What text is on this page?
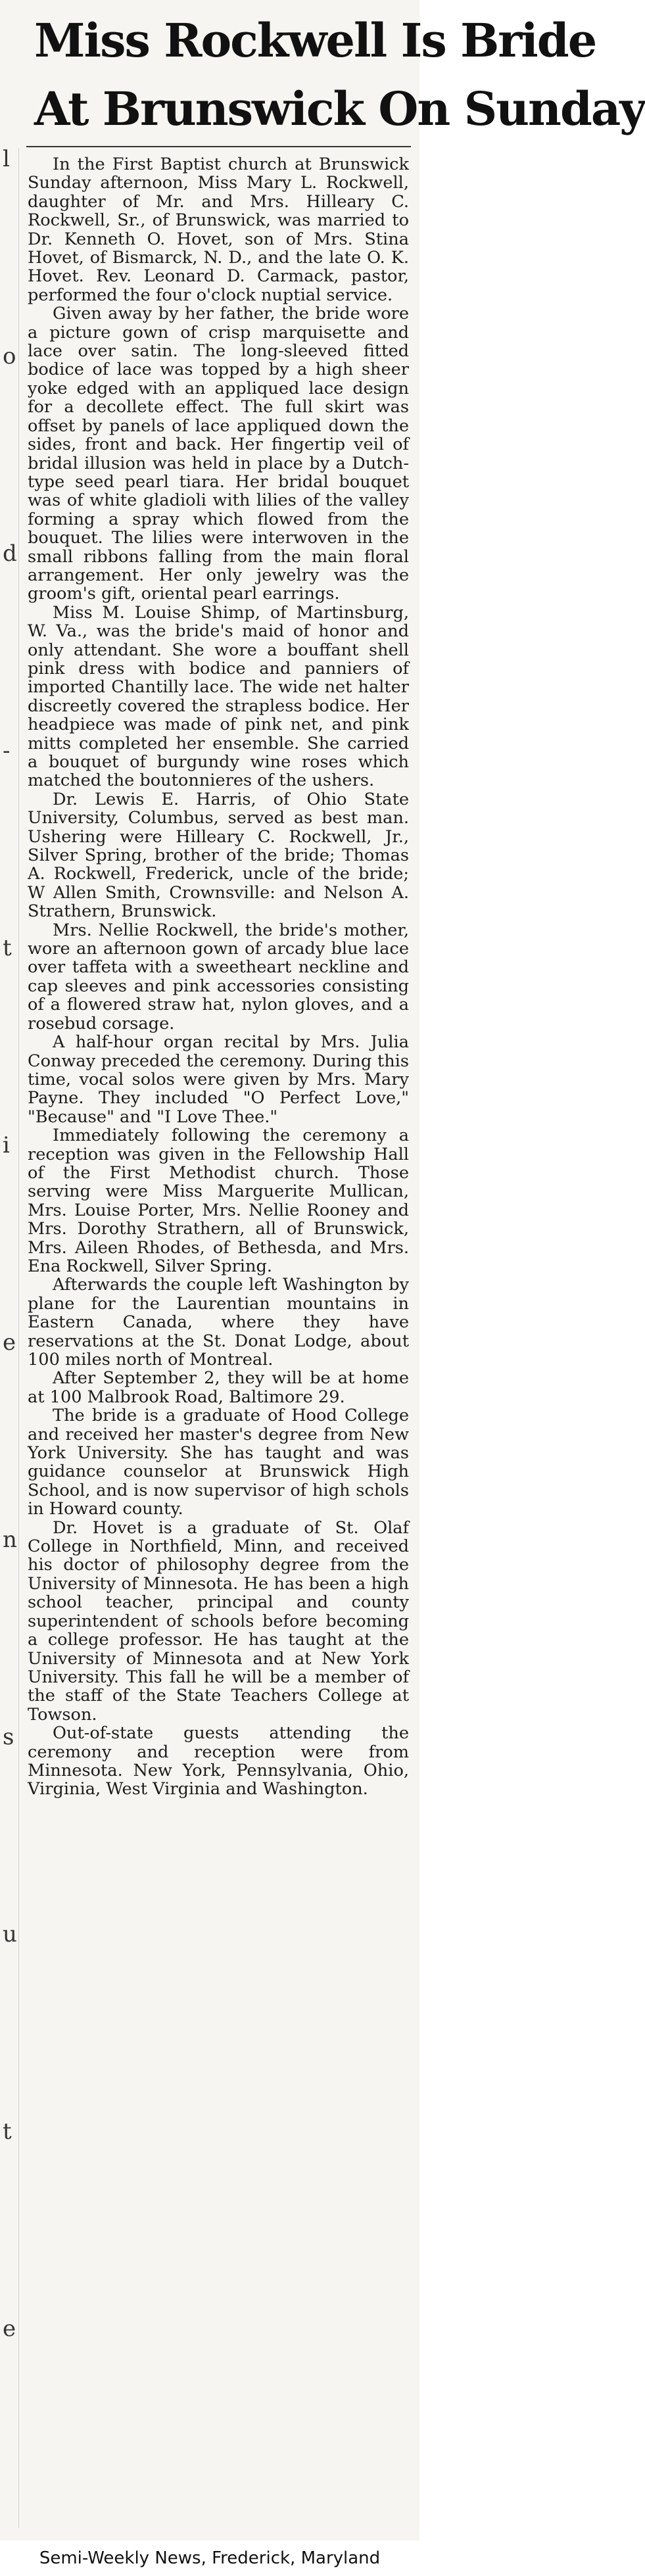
l
o
d
-
t
i
e
n
s
u
t
e
Miss Rockwell Is Bride
At Brunswick On Sunday

In the First Baptist church at Brunswick Sunday afternoon, Miss Mary L. Rockwell, daughter of Mr. and Mrs. Hilleary C. Rockwell, Sr., of Brunswick, was married to Dr. Kenneth O. Hovet, son of Mrs. Stina Hovet, of Bismarck, N. D., and the late O. K. Hovet. Rev. Leonard D. Carmack, pastor, performed the four o'clock nuptial service.

Given away by her father, the bride wore a picture gown of crisp marquisette and lace over satin. The long-sleeved fitted bodice of lace was topped by a high sheer yoke edged with an appliqued lace design for a decollete effect. The full skirt was offset by panels of lace appliqued down the sides, front and back. Her fingertip veil of bridal illusion was held in place by a Dutch-type seed pearl tiara. Her bridal bouquet was of white gladioli with lilies of the valley forming a spray which flowed from the bouquet. The lilies were interwoven in the small ribbons falling from the main floral arrangement. Her only jewelry was the groom's gift, oriental pearl earrings.

Miss M. Louise Shimp, of Martinsburg, W. Va., was the bride's maid of honor and only attendant. She wore a bouffant shell pink dress with bodice and panniers of imported Chantilly lace. The wide net halter discreetly covered the strapless bodice. Her headpiece was made of pink net, and pink mitts completed her ensemble. She carried a bouquet of burgundy wine roses which matched the boutonnieres of the ushers.

Dr. Lewis E. Harris, of Ohio State University, Columbus, served as best man. Ushering were Hilleary C. Rockwell, Jr., Silver Spring, brother of the bride; Thomas A. Rockwell, Frederick, uncle of the bride; W Allen Smith, Crownsville: and Nelson A. Strathern, Brunswick.

Mrs. Nellie Rockwell, the bride's mother, wore an afternoon gown of arcady blue lace over taffeta with a sweetheart neckline and cap sleeves and pink accessories consisting of a flowered straw hat, nylon gloves, and a rosebud corsage.

A half-hour organ recital by Mrs. Julia Conway preceded the ceremony. During this time, vocal solos were given by Mrs. Mary Payne. They included "O Perfect Love," "Because" and "I Love Thee."

Immediately following the ceremony a reception was given in the Fellowship Hall of the First Methodist church. Those serving were Miss Marguerite Mullican, Mrs. Louise Porter, Mrs. Nellie Rooney and Mrs. Dorothy Strathern, all of Brunswick, Mrs. Aileen Rhodes, of Bethesda, and Mrs. Ena Rockwell, Silver Spring.

Afterwards the couple left Washington by plane for the Laurentian mountains in Eastern Canada, where they have reservations at the St. Donat Lodge, about 100 miles north of Montreal.

After September 2, they will be at home at 100 Malbrook Road, Baltimore 29.

The bride is a graduate of Hood College and received her master's degree from New York University. She has taught and was guidance counselor at Brunswick High School, and is now supervisor of high schols in Howard county.

Dr. Hovet is a graduate of St. Olaf College in Northfield, Minn, and received his doctor of philosophy degree from the University of Minnesota. He has been a high school teacher, principal and county superintendent of schools before becoming a college professor. He has taught at the University of Minnesota and at New York University. This fall he will be a member of the staff of the State Teachers College at Towson.

Out-of-state guests attending the ceremony and reception were from Minnesota. New York, Pennsylvania, Ohio, Virginia, West Virginia and Washington.

Semi-Weekly News, Frederick, Maryland
